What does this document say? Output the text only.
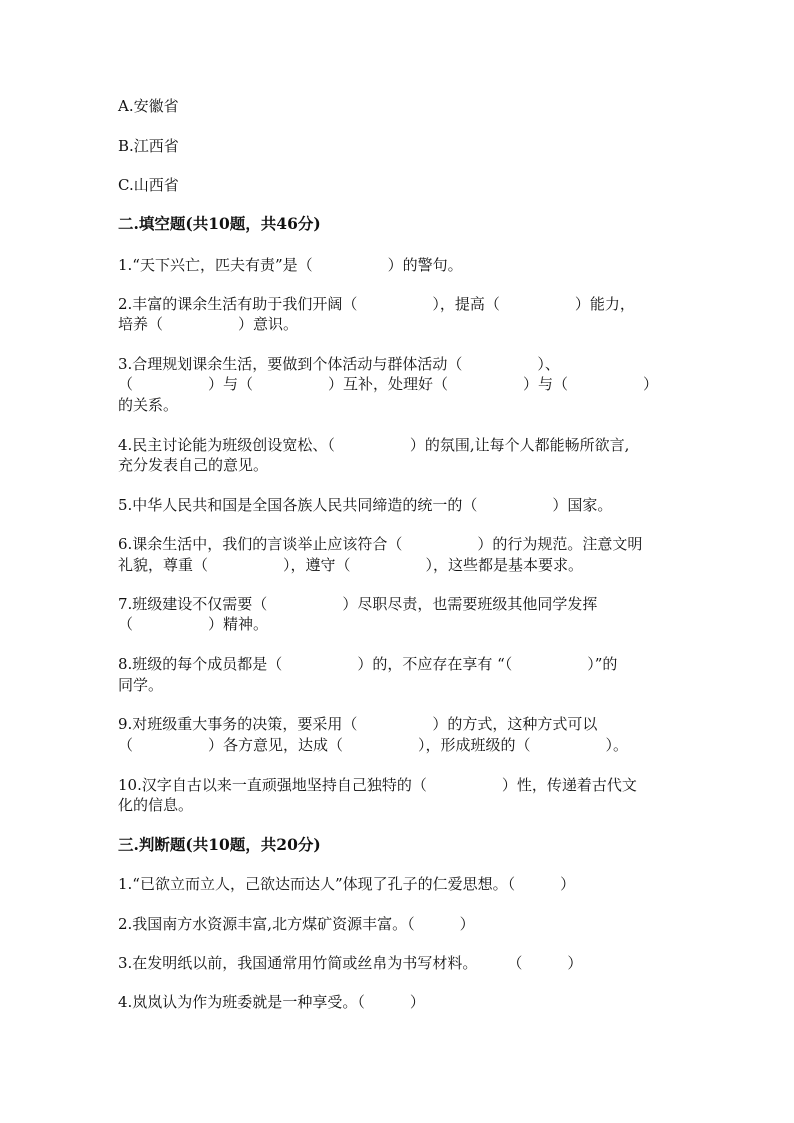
A.安徽省
B.江西省
C.山西省
二.填空题(共10题，共46分)
1.“天下兴亡，匹夫有责”是（　　　　　）的警句。
2.丰富的课余生活有助于我们开阔（　　　　　），提高（　　　　　）能力，
培养（　　　　　）意识。
3.合理规划课余生活，要做到个体活动与群体活动（　　　　　）、
（　　　　　）与（　　　　　）互补，处理好（　　　　　）与（　　　　　）
的关系。
4.民主讨论能为班级创设宽松、（　　　　　）的氛围,让每个人都能畅所欲言,
充分发表自己的意见。
5.中华人民共和国是全国各族人民共同缔造的统一的（　　　　　）国家。
6.课余生活中，我们的言谈举止应该符合（　　　　　）的行为规范。注意文明
礼貌，尊重（　　　　　），遵守（　　　　　），这些都是基本要求。
7.班级建设不仅需要（　　　　　）尽职尽责，也需要班级其他同学发挥
（　　　　　）精神。
8.班级的每个成员都是（　　　　　）的，不应存在享有 “（　　　　　）”的
同学。
9.对班级重大事务的决策，要采用（　　　　　）的方式，这种方式可以
（　　　　　）各方意见，达成（　　　　　），形成班级的（　　　　　）。
10.汉字自古以来一直顽强地坚持自己独特的（　　　　　）性，传递着古代文
化的信息。
三.判断题(共10题，共20分)
1.“已欲立而立人，己欲达而达人”体现了孔子的仁爱思想。（　　　）
2.我国南方水资源丰富,北方煤矿资源丰富。（　　　）
3.在发明纸以前，我国通常用竹简或丝帛为书写材料。　　　（　　　）
4.岚岚认为作为班委就是一种享受。（　　　）
